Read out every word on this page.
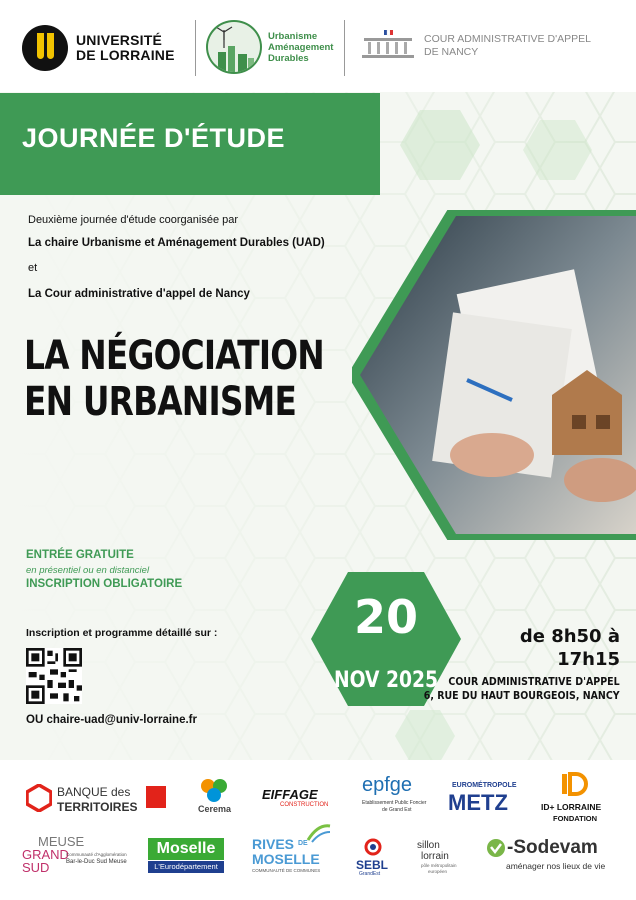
UNIVERSITÉ
DE LORRAINE
Urbanisme
Aménagement
Durables
COUR ADMINISTRATIVE D'APPEL
DE NANCY
JOURNÉE D'ÉTUDE
Deuxième journée d'étude coorganisée par
La chaire Urbanisme et Aménagement Durables (UAD)
et
La Cour administrative d'appel de Nancy
LA NÉGOCIATION
EN URBANISME
ENTRÉE GRATUITE
en présentiel ou en distanciel
INSCRIPTION OBLIGATOIRE
Inscription et programme détaillé sur :
OU chaire-uad@univ-lorraine.fr
20
NOV 2025
de 8h50 à
17h15
COUR ADMINISTRATIVE D'APPEL
6, RUE DU HAUT BOURGEOIS, NANCY
BANQUE des
TERRITOIRES	Cerema
EIFFAGE
CONSTRUCTION
epfge
Etablissement Public Foncier
de Grand Est
EUROMÉTROPOLE
METZ	ID+ LORRAINE
FONDATION
MEUSE
GRAND
SUD
Communauté d'Agglomération
Bar-le-Duc Sud Meuse
Moselle
L'Eurodépartement
RIVES DE
MOSELLE
COMMUNAUTÉ DE COMMUNES	SEBL
GrandEst
sillon
lorrain
pôle métropolitain
européen
-Sodevam
aménager nos lieux de vie
